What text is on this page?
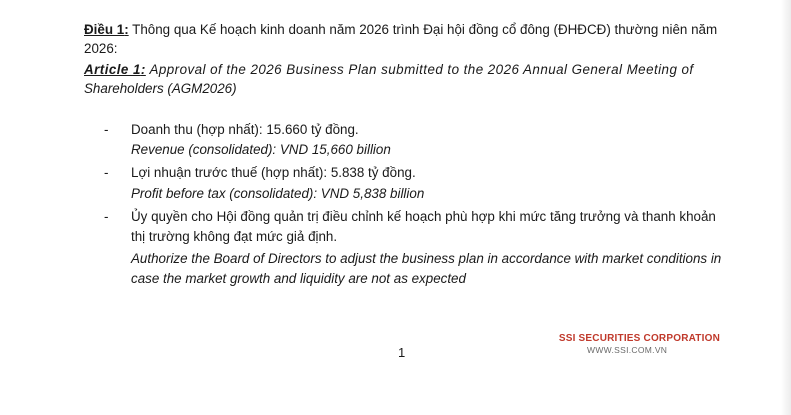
Điều 1: Thông qua Kế hoạch kinh doanh năm 2026 trình Đại hội đồng cổ đông (ĐHĐCĐ) thường niên năm
2026:
Article 1: Approval of the 2026 Business Plan submitted to the 2026 Annual General Meeting of
Shareholders (AGM2026)
- Doanh thu (hợp nhất): 15.660 tỷ đồng.
Revenue (consolidated): VND 15,660 billion
- Lợi nhuận trước thuế (hợp nhất): 5.838 tỷ đồng.
Profit before tax (consolidated): VND 5,838 billion
- Ủy quyền cho Hội đồng quản trị điều chỉnh kế hoạch phù hợp khi mức tăng trưởng và thanh khoản
thị trường không đạt mức giả định.
Authorize the Board of Directors to adjust the business plan in accordance with market conditions in
case the market growth and liquidity are not as expected
1
SSI SECURITIES CORPORATION
WWW.SSI.COM.VN
